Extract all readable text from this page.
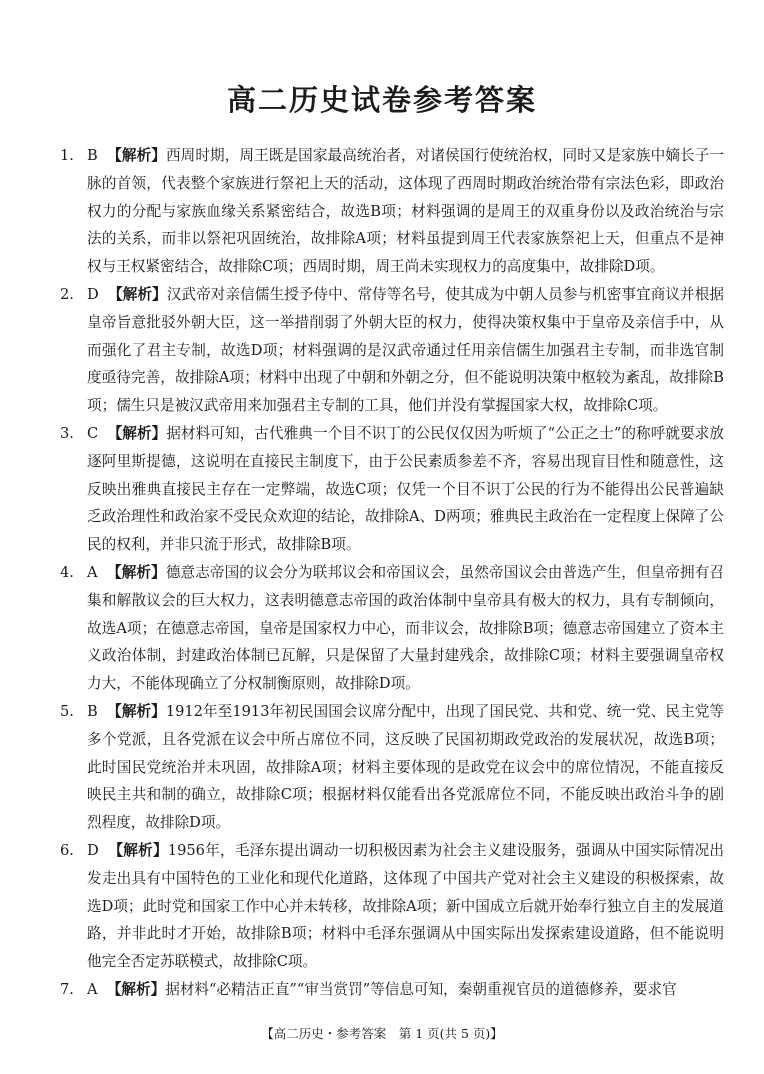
高二历史试卷参考答案
1. B 【解析】西周时期，周王既是国家最高统治者，对诸侯国行使统治权，同时又是家族中嫡长子一脉的首领，代表整个家族进行祭祀上天的活动，这体现了西周时期政治统治带有宗法色彩，即政治权力的分配与家族血缘关系紧密结合，故选B项；材料强调的是周王的双重身份以及政治统治与宗法的关系，而非以祭祀巩固统治，故排除A项；材料虽提到周王代表家族祭祀上天，但重点不是神权与王权紧密结合，故排除C项；西周时期，周王尚未实现权力的高度集中，故排除D项。
2. D 【解析】汉武帝对亲信儒生授予侍中、常侍等名号，使其成为中朝人员参与机密事宜商议并根据皇帝旨意批驳外朝大臣，这一举措削弱了外朝大臣的权力，使得决策权集中于皇帝及亲信手中，从而强化了君主专制，故选D项；材料强调的是汉武帝通过任用亲信儒生加强君主专制，而非选官制度亟待完善，故排除A项；材料中出现了中朝和外朝之分，但不能说明决策中枢较为紊乱，故排除B项；儒生只是被汉武帝用来加强君主专制的工具，他们并没有掌握国家大权，故排除C项。
3. C 【解析】据材料可知，古代雅典一个目不识丁的公民仅仅因为听烦了“公正之士”的称呼就要求放逐阿里斯提德，这说明在直接民主制度下，由于公民素质参差不齐，容易出现盲目性和随意性，这反映出雅典直接民主存在一定弊端，故选C项；仅凭一个目不识丁公民的行为不能得出公民普遍缺乏政治理性和政治家不受民众欢迎的结论，故排除A、D两项；雅典民主政治在一定程度上保障了公民的权利，并非只流于形式，故排除B项。
4. A 【解析】德意志帝国的议会分为联邦议会和帝国议会，虽然帝国议会由普选产生，但皇帝拥有召集和解散议会的巨大权力，这表明德意志帝国的政治体制中皇帝具有极大的权力，具有专制倾向，故选A项；在德意志帝国，皇帝是国家权力中心，而非议会，故排除B项；德意志帝国建立了资本主义政治体制，封建政治体制已瓦解，只是保留了大量封建残余，故排除C项；材料主要强调皇帝权力大，不能体现确立了分权制衡原则，故排除D项。
5. B 【解析】1912年至1913年初民国国会议席分配中，出现了国民党、共和党、统一党、民主党等多个党派，且各党派在议会中所占席位不同，这反映了民国初期政党政治的发展状况，故选B项；此时国民党统治并未巩固，故排除A项；材料主要体现的是政党在议会中的席位情况，不能直接反映民主共和制的确立，故排除C项；根据材料仅能看出各党派席位不同，不能反映出政治斗争的剧烈程度，故排除D项。
6. D 【解析】1956年，毛泽东提出调动一切积极因素为社会主义建设服务，强调从中国实际情况出发走出具有中国特色的工业化和现代化道路，这体现了中国共产党对社会主义建设的积极探索，故选D项；此时党和国家工作中心并未转移，故排除A项；新中国成立后就开始奉行独立自主的发展道路，并非此时才开始，故排除B项；材料中毛泽东强调从中国实际出发探索建设道路，但不能说明他完全否定苏联模式，故排除C项。
7. A 【解析】据材料“必精洁正直”“审当赏罚”等信息可知，秦朝重视官员的道德修养，要求官
【高二历史・参考答案　第 1 页(共 5 页)】
